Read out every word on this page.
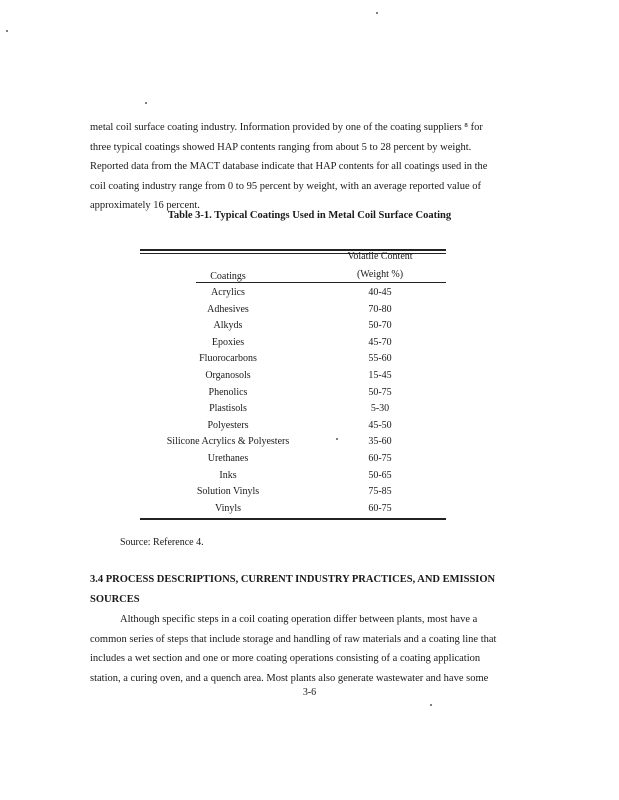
metal coil surface coating industry. Information provided by one of the coating suppliers ⁸ for
three typical coatings showed HAP contents ranging from about 5 to 28 percent by weight.
Reported data from the MACT database indicate that HAP contents for all coatings used in the
coil coating industry range from 0 to 95 percent by weight, with an average reported value of
approximately 16 percent.

Table 3-1. Typical Coatings Used in Metal Coil Surface Coating

Volatile Content

Coatings	(Weight %)

Acrylics	40-45
Adhesives	70-80
Alkyds	50-70
Epoxies	45-70
Fluorocarbons	55-60
Organosols	15-45
Phenolics	50-75
Plastisols	5-30
Polyesters	45-50
Silicone Acrylics & Polyesters	35-60
Urethanes	60-75
Inks	50-65
Solution Vinyls	75-85
Vinyls	60-75

Source: Reference 4.

3.4 PROCESS DESCRIPTIONS, CURRENT INDUSTRY PRACTICES, AND EMISSION
SOURCES

Although specific steps in a coil coating operation differ between plants, most have a
common series of steps that include storage and handling of raw materials and a coating line that
includes a wet section and one or more coating operations consisting of a coating application
station, a curing oven, and a quench area. Most plants also generate wastewater and have some

3-6
